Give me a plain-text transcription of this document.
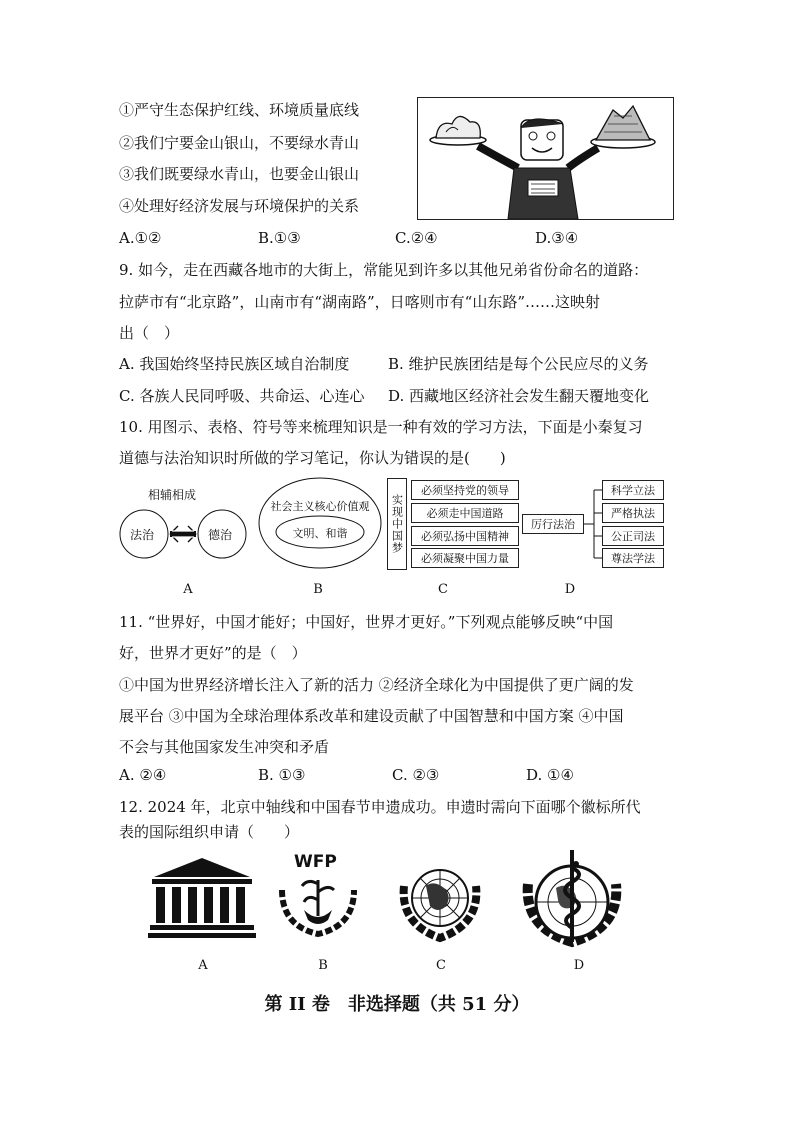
①严守生态保护红线、环境质量底线
②我们宁要金山银山，不要绿水青山
③我们既要绿水青山，也要金山银山
④处理好经济发展与环境保护的关系
A.①②	B.①③	C.②④	D.③④
9. 如今，走在西藏各地市的大街上，常能见到许多以其他兄弟省份命名的道路：
拉萨市有“北京路”，山南市有“湖南路”，日喀则市有“山东路”……这映射
出（　）
A. 我国始终坚持民族区域自治制度	B. 维护民族团结是每个公民应尽的义务
C. 各族人民同呼吸、共命运、心连心 D. 西藏地区经济社会发生翻天覆地变化
10. 用图示、表格、符号等来梳理知识是一种有效的学习方法，下面是小秦复习
道德与法治知识时所做的学习笔记，你认为错误的是(　　)
相辅相成
法治	德治
A
社会主义核心价值观
文明、和谐
B
实现中国梦
必须坚持党的领导
必须走中国道路
必须弘扬中国精神
必须凝聚中国力量
C
厉行法治
科学立法
严格执法
公正司法
尊法学法
D
11. “世界好，中国才能好；中国好，世界才更好。”下列观点能够反映“中国
好，世界才更好”的是（　）
①中国为世界经济增长注入了新的活力 ②经济全球化为中国提供了更广阔的发
展平台 ③中国为全球治理体系改革和建设贡献了中国智慧和中国方案 ④中国
不会与其他国家发生冲突和矛盾
A. ②④	B. ①③	C. ②③	D. ①④
12. 2024 年，北京中轴线和中国春节申遗成功。申遗时需向下面哪个徽标所代
表的国际组织申请（　　）
WFP
A	B	C	D
第 II 卷　非选择题（共 51 分）
